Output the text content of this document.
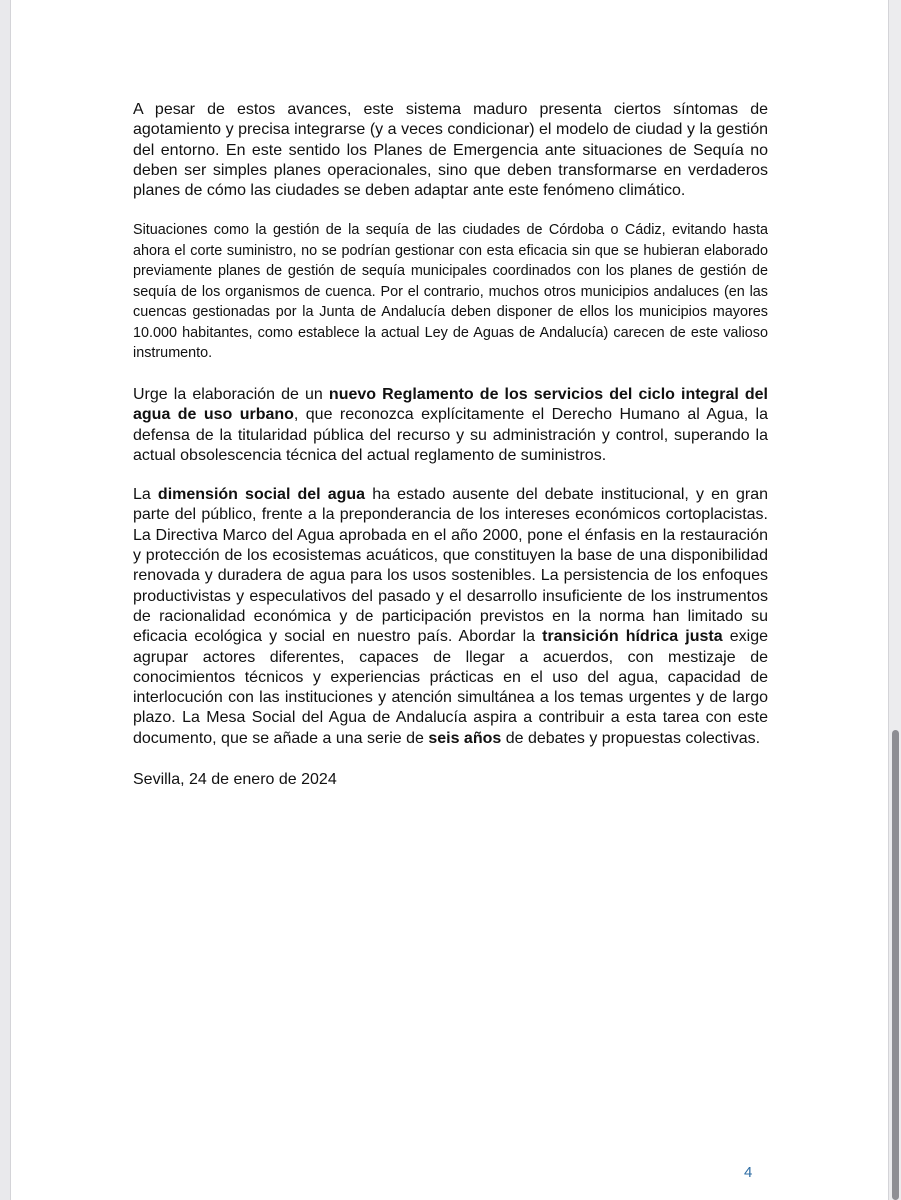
A pesar de estos avances, este sistema maduro presenta ciertos síntomas de agotamiento y precisa integrarse (y a veces condicionar) el modelo de ciudad y la gestión del entorno. En este sentido los Planes de Emergencia ante situaciones de Sequía no deben ser simples planes operacionales, sino que deben transformarse en verdaderos planes de cómo las ciudades se deben adaptar ante este fenómeno climático.

Situaciones como la gestión de la sequía de las ciudades de Córdoba o Cádiz, evitando hasta ahora el corte suministro, no se podrían gestionar con esta eficacia sin que se hubieran elaborado previamente planes de gestión de sequía municipales coordinados con los planes de gestión de sequía de los organismos de cuenca. Por el contrario, muchos otros municipios andaluces (en las cuencas gestionadas por la Junta de Andalucía deben disponer de ellos los municipios mayores 10.000 habitantes, como establece la actual Ley de Aguas de Andalucía) carecen de este valioso instrumento.

Urge la elaboración de un nuevo Reglamento de los servicios del ciclo integral del agua de uso urbano, que reconozca explícitamente el Derecho Humano al Agua, la defensa de la titularidad pública del recurso y su administración y control, superando la actual obsolescencia técnica del actual reglamento de suministros.

La dimensión social del agua ha estado ausente del debate institucional, y en gran parte del público, frente a la preponderancia de los intereses económicos cortoplacistas. La Directiva Marco del Agua aprobada en el año 2000, pone el énfasis en la restauración y protección de los ecosistemas acuáticos, que constituyen la base de una disponibilidad renovada y duradera de agua para los usos sostenibles. La persistencia de los enfoques productivistas y especulativos del pasado y el desarrollo insuficiente de los instrumentos de racionalidad económica y de participación previstos en la norma han limitado su eficacia ecológica y social en nuestro país. Abordar la transición hídrica justa exige agrupar actores diferentes, capaces de llegar a acuerdos, con mestizaje de conocimientos técnicos y experiencias prácticas en el uso del agua, capacidad de interlocución con las instituciones y atención simultánea a los temas urgentes y de largo plazo. La Mesa Social del Agua de Andalucía aspira a contribuir a esta tarea con este documento, que se añade a una serie de seis años de debates y propuestas colectivas.

Sevilla, 24 de enero de 2024

4
